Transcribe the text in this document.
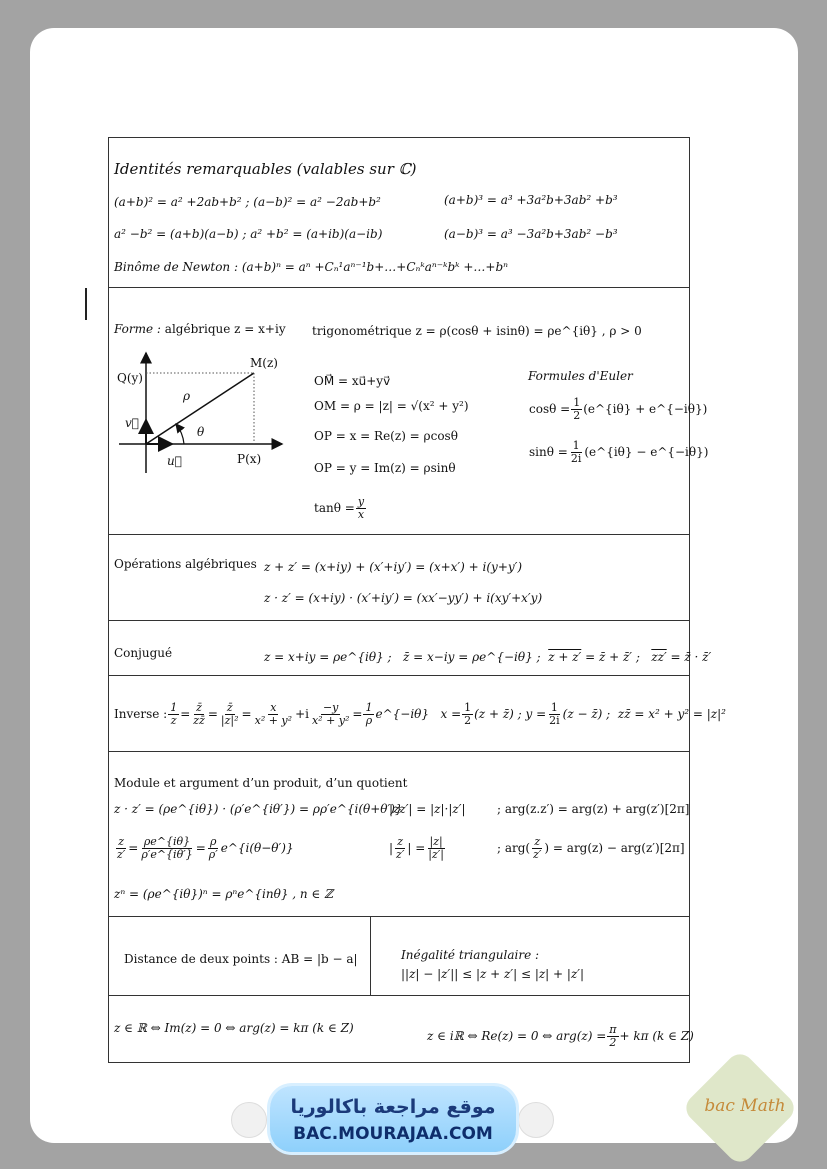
Identités remarquables (valables sur ℂ)
(a+b)² = a² +2ab+b² ; (a−b)² = a² −2ab+b²	(a+b)³ = a³ +3a²b+3ab² +b³
a² −b² = (a+b)(a−b) ; a² +b² = (a+ib)(a−ib)	(a−b)³ = a³ −3a²b+3ab² −b³
Binôme de Newton : (a+b)ⁿ = aⁿ +Cₙ¹aⁿ⁻¹b+…+Cₙᵏaⁿ⁻ᵏbᵏ +…+bⁿ
Forme : algébrique z = x+iy trigonométrique z = ρ(cosθ + isinθ) = ρe^{iθ} , ρ > 0
M(z)
Q(y)
P(x)
ρ
θ
v⃗
u⃗
OM⃗ = xu⃗+yv⃗
OM = ρ = |z| = √(x² + y²)
OP = x = Re(z) = ρcosθ
OP = y = Im(z) = ρsinθ
$\tan\theta = \frac{y}{x}$
Formules d'Euler
$\cos\theta = \frac{1}{2}$ (e^{iθ} + e^{−iθ})
$\sin\theta = \frac{1}{2i}$ (e^{iθ} − e^{−iθ})
Opérations algébriques z + z′ = (x+iy) + (x′+iy′) = (x+x′) + i(y+y′)
z · z′ = (x+iy) · (x′+iy′) = (xx′−yy′) + i(xy′+x′y)
Conjugué	z = x+iy = ρe^{iθ} ; z̄ = x−iy = ρe^{−iθ} ; z + z′ = z̄ + z̄′ ; zz′ = z̄ · z̄′
Inverse : $\frac{1}{z} = \frac{z̄}{zz̄} = \frac{z̄}{\text{|z|²}} = \frac{x}{\text{x² + y²}} +i \frac{-y}{\text{x² + y²}} = \frac{1}{\rho}$ e^{−iθ}
$x = \frac{1}{2} (z$ + z̄) ; $y = \frac{1}{2i} (z$ − z̄) ;
zz̄ = x² + y² = |z|²
Module et argument d’un produit, d’un quotient
z · z′ = (ρe^{iθ}) · (ρ′e^{iθ′}) = ρρ′e^{i(θ+θ′)}
|zz′| = |z|·|z′|	; arg(z.z′) = arg(z) + arg(z′)[2π]
$\frac{z}{z'} = \frac{\rho e\^{}\{i\theta\}}{\rho'e\^{}\{i\theta'\}} = \frac{\rho}{\rho'}$ e^{i(θ−θ′)}	| $\frac{z}{z'}$ | = $\frac{|z|}{|z'|}$	; $arg( \frac{z}{z'}$ ) = arg(z) − arg(z′)[2π]
zⁿ = (ρe^{iθ})ⁿ = ρⁿe^{inθ} , n ∈ ℤ
Distance de deux points : AB = |b − a|	Inégalité triangulaire :
||z| − |z′|| ≤ |z + z′| ≤ |z| + |z′|
z ∈ ℝ ⇔ Im(z) = 0 ⇔ arg(z) = kπ (k ∈ Z)
z ∈ iℝ ⇔ Re(z) = 0 ⇔ $arg(z) = \frac{\pi}{2} + k\pi$ (k ∈ Z)
موقع مراجعة باكالوريا
BAC.MOURAJAA.COM
bac Math
